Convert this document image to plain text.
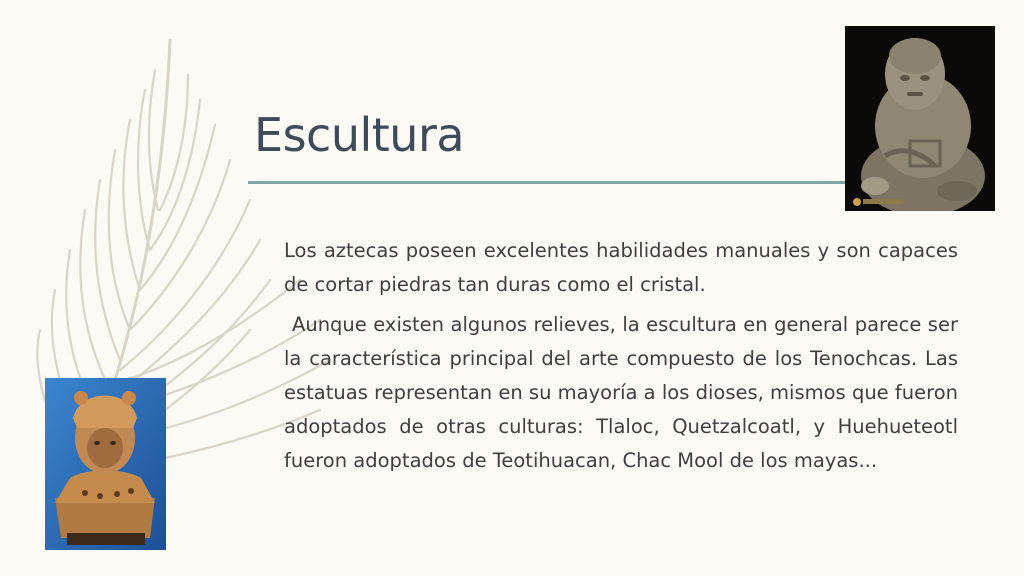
Escultura

Los aztecas poseen excelentes habilidades manuales y son capaces de cortar piedras tan duras como el cristal.

Aunque existen algunos relieves, la escultura en general parece ser la característica principal del arte compuesto de los Tenochcas. Las estatuas representan en su mayoría a los dioses, mismos que fueron adoptados de otras culturas: Tlaloc, Quetzalcoatl, y Huehueteotl fueron adoptados de Teotihuacan, Chac Mool de los mayas...
